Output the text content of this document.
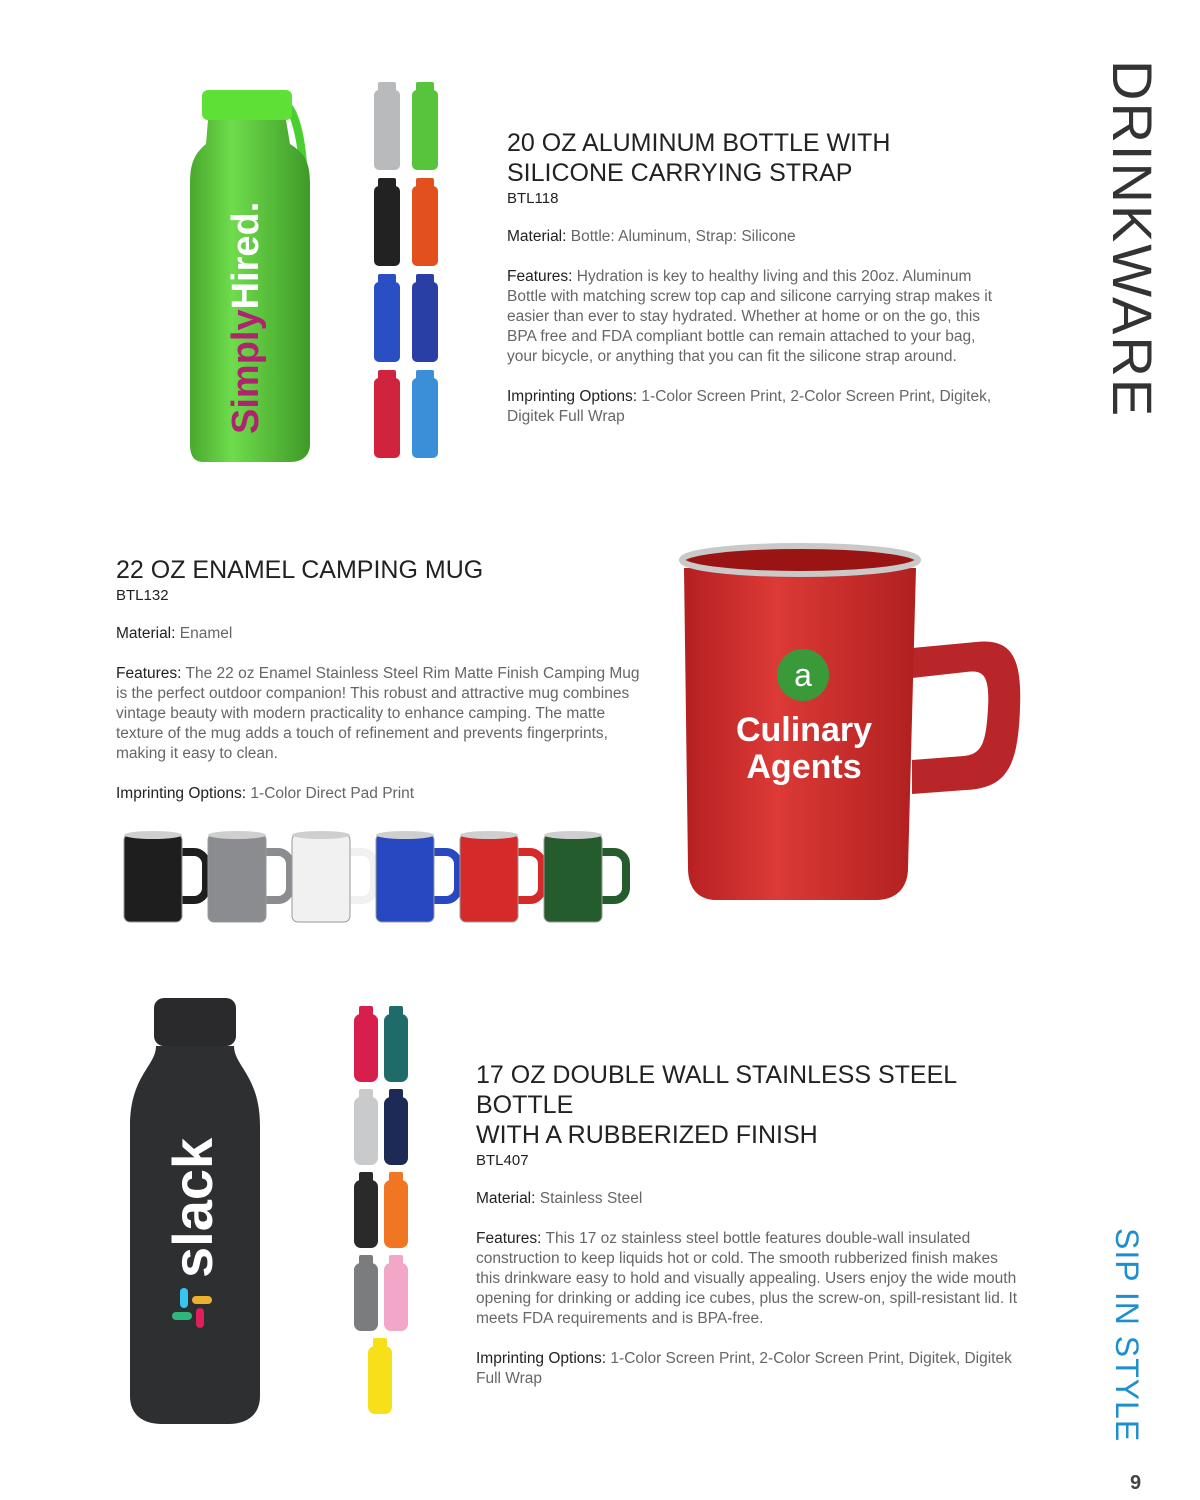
DRINKWARE
SIP IN STYLE
9
SimplyHired.
20 OZ ALUMINUM BOTTLE WITH
SILICONE CARRYING STRAP
BTL118
Material: Bottle: Aluminum, Strap: Silicone
Features: Hydration is key to healthy living and this 20oz. Aluminum Bottle with matching screw top cap and silicone carrying strap makes it easier than ever to stay hydrated. Whether at home or on the go, this BPA free and FDA compliant bottle can remain attached to your bag, your bicycle, or anything that you can fit the silicone strap around.
Imprinting Options: 1-Color Screen Print, 2-Color Screen Print, Digitek, Digitek Full Wrap
22 OZ ENAMEL CAMPING MUG
BTL132
Material: Enamel
Features: The 22 oz Enamel Stainless Steel Rim Matte Finish Camping Mug is the perfect outdoor companion! This robust and attractive mug combines vintage beauty with modern practicality to enhance camping. The matte texture of the mug adds a touch of refinement and prevents fingerprints, making it easy to clean.
Imprinting Options: 1-Color Direct Pad Print
a
Culinary
Agents
slack
17 OZ DOUBLE WALL STAINLESS STEEL BOTTLE
WITH A RUBBERIZED FINISH
BTL407
Material: Stainless Steel
Features: This 17 oz stainless steel bottle features double-wall insulated construction to keep liquids hot or cold. The smooth rubberized finish makes this drinkware easy to hold and visually appealing. Users enjoy the wide mouth opening for drinking or adding ice cubes, plus the screw-on, spill-resistant lid. It meets FDA requirements and is BPA-free.
Imprinting Options: 1-Color Screen Print, 2-Color Screen Print, Digitek, Digitek Full Wrap
